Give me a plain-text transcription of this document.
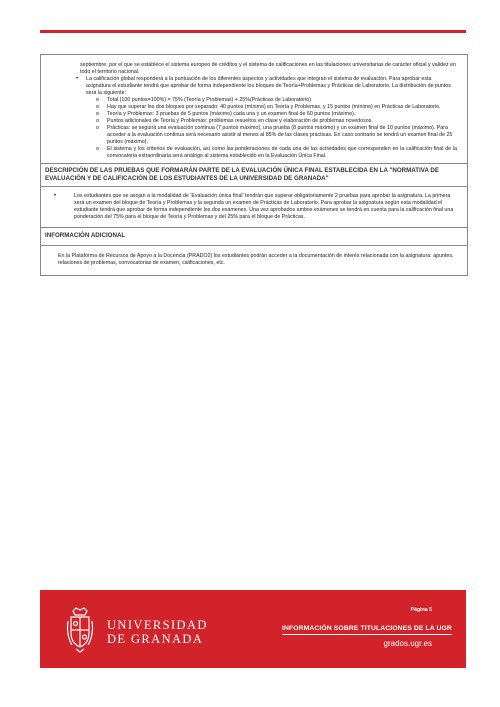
septiembre, por el que se establece el sistema europeo de créditos y el sistema de calificaciones en las titulaciones universitarias de carácter oficial y validez en todo el territorio nacional.
•	La calificación global responderá a la puntuación de los diferentes aspectos y actividades que integran el sistema de evaluación. Para aprobar esta asignatura el estudiante tendrá que aprobar de forma independiente los bloques de Teoría+Problemas y Prácticas de Laboratorio. La distribución de puntos será la siguiente:
o	Total (100 puntos=100%) = 75% (Teoría y Problemas) + 25%(Prácticas de Laboratorio)
o	Hay que superar los dos bloques por separado: 40 puntos (mínimo) en Teoría y Problemas, y 15 puntos (mínimo) en Prácticas de Laboratorio.
o	Teoría y Problemas: 3 pruebas de 5 puntos (máximo) cada una y un examen final de 60 puntos (máximo).
o	Puntos adicionales de Teoría y Problemas: problemas resueltos en clase y elaboración de problemas novedosos.
o	Prácticas: se seguirá una evaluación continua (7 puntos máximo), una prueba (8 puntos máximo) y un examen final de 10 puntos (máximo). Para acceder a la evaluación continua será necesario asistir al menos al 85% de las clases prácticas. En caso contrario se tendrá un examen final de 25 puntos (máximo).
o	El sistema y los criterios de evaluación, así como las ponderaciones de cada una de las actividades que corresponden en la calificación final de la convocatoria extraordinaria será análogo al sistema establecido en la Evaluación Única Final.
DESCRIPCIÓN DE LAS PRUEBAS QUE FORMARÁN PARTE DE LA EVALUACIÓN ÚNICA FINAL ESTABLECIDA EN LA "NORMATIVA DE EVALUACIÓN Y DE CALIFICACIÓN DE LOS ESTUDIANTES DE LA UNIVERSIDAD DE GRANADA"
•	Los estudiantes que se acojan a la modalidad de 'Evaluación única final' tendrán que superar obligatoriamente 2 pruebas para aprobar la asignatura. La primera será un examen del bloque de Teoría y Problemas y la segunda un examen de Prácticas de Laboratorio. Para aprobar la asignatura según esta modalidad el estudiante tendrá que aprobar de forma independiente los dos exámenes. Una vez aprobados ambos exámenes se tendrá en cuenta para la calificación final una ponderación del 75% para el bloque de Teoría y Problemas y del 25% para el bloque de Prácticas.
INFORMACIÓN ADICIONAL
En la Plataforma de Recursos de Apoyo a la Docencia (PRADO2) los estudiantes podrán acceder a la documentación de interés relacionada con la asignatura: apuntes, relaciones de problemas, convocatorias de examen, calificaciones, etc.
UNIVERSIDAD
DE GRANADA
Página 5
INFORMACIÓN SOBRE TITULACIONES DE LA UGR
grados.ugr.es
